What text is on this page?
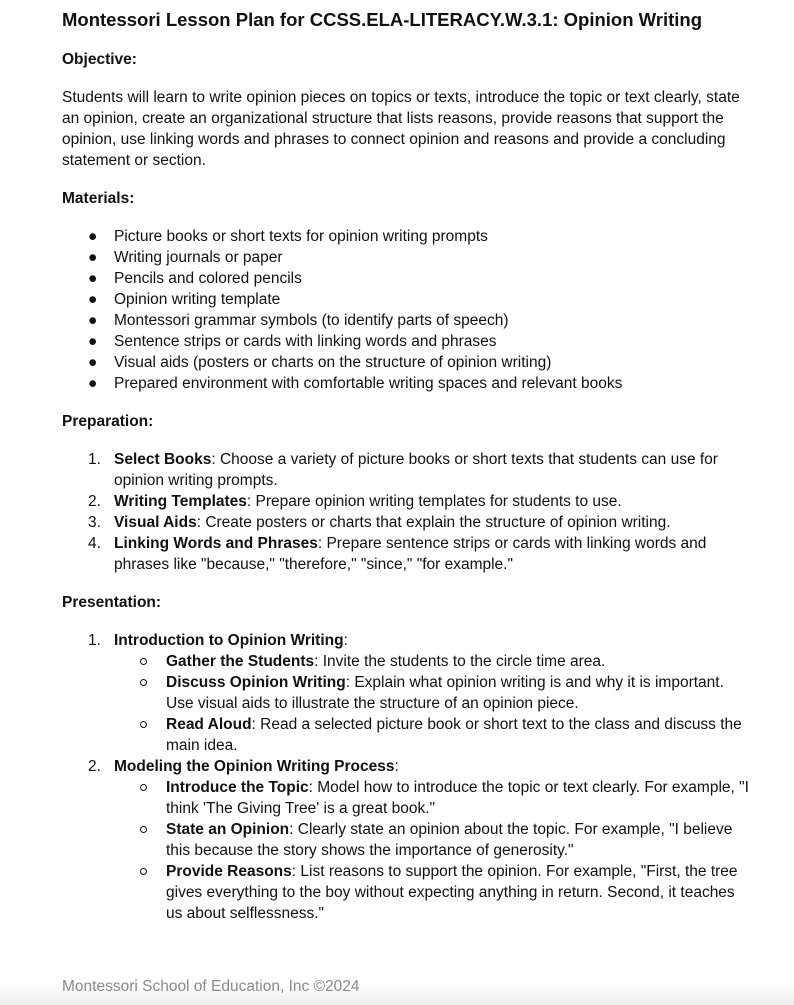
Montessori Lesson Plan for CCSS.ELA-LITERACY.W.3.1: Opinion Writing
Objective:

Students will learn to write opinion pieces on topics or texts, introduce the topic or text clearly, state an opinion, create an organizational structure that lists reasons, provide reasons that support the opinion, use linking words and phrases to connect opinion and reasons and provide a concluding statement or section.

Materials:
● Picture books or short texts for opinion writing prompts
● Writing journals or paper
● Pencils and colored pencils
● Opinion writing template
● Montessori grammar symbols (to identify parts of speech)
● Sentence strips or cards with linking words and phrases
● Visual aids (posters or charts on the structure of opinion writing)
● Prepared environment with comfortable writing spaces and relevant books
Preparation:
1. Select Books: Choose a variety of picture books or short texts that students can use for opinion writing prompts.
2. Writing Templates: Prepare opinion writing templates for students to use.
3. Visual Aids: Create posters or charts that explain the structure of opinion writing.
4. Linking Words and Phrases: Prepare sentence strips or cards with linking words and phrases like "because," "therefore," "since," "for example."
Presentation:
1. Introduction to Opinion Writing:
Gather the Students: Invite the students to the circle time area.
Discuss Opinion Writing: Explain what opinion writing is and why it is important. Use visual aids to illustrate the structure of an opinion piece.
Read Aloud: Read a selected picture book or short text to the class and discuss the main idea.
2. Modeling the Opinion Writing Process:
Introduce the Topic: Model how to introduce the topic or text clearly. For example, "I think 'The Giving Tree' is a great book."
State an Opinion: Clearly state an opinion about the topic. For example, "I believe this because the story shows the importance of generosity."
Provide Reasons: List reasons to support the opinion. For example, "First, the tree gives everything to the boy without expecting anything in return. Second, it teaches us about selflessness."
Montessori School of Education, Inc ©2024
